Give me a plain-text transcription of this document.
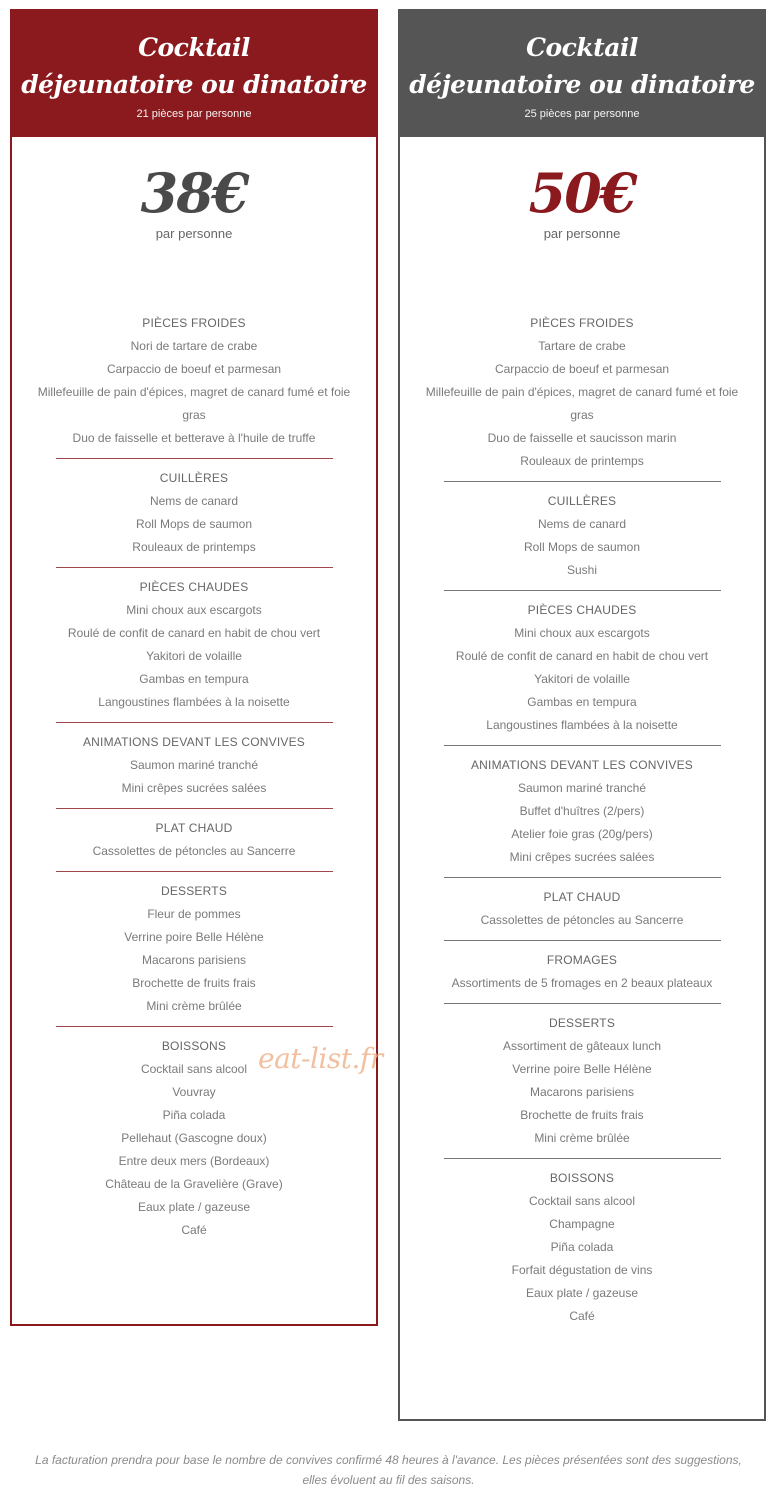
Cocktail
déjeunatoire ou dinatoire
21 pièces par personne
38€
par personne
PIÈCES FROIDES
Nori de tartare de crabe
Carpaccio de boeuf et parmesan
Millefeuille de pain d'épices, magret de canard fumé et foie gras
Duo de faisselle et betterave à l'huile de truffe
CUILLÈRES
Nems de canard
Roll Mops de saumon
Rouleaux de printemps
PIÈCES CHAUDES
Mini choux aux escargots
Roulé de confit de canard en habit de chou vert
Yakitori de volaille
Gambas en tempura
Langoustines flambées à la noisette
ANIMATIONS DEVANT LES CONVIVES
Saumon mariné tranché
Mini crêpes sucrées salées
PLAT CHAUD
Cassolettes de pétoncles au Sancerre
DESSERTS
Fleur de pommes
Verrine poire Belle Hélène
Macarons parisiens
Brochette de fruits frais
Mini crème brûlée
BOISSONS
Cocktail sans alcool
Vouvray
Piña colada
Pellehaut (Gascogne doux)
Entre deux mers (Bordeaux)
Château de la Gravelière (Grave)
Eaux plate / gazeuse
Café
Cocktail
déjeunatoire ou dinatoire
25 pièces par personne
50€
par personne
PIÈCES FROIDES
Tartare de crabe
Carpaccio de boeuf et parmesan
Millefeuille de pain d'épices, magret de canard fumé et foie gras
Duo de faisselle et saucisson marin
Rouleaux de printemps
CUILLÈRES
Nems de canard
Roll Mops de saumon
Sushi
PIÈCES CHAUDES
Mini choux aux escargots
Roulé de confit de canard en habit de chou vert
Yakitori de volaille
Gambas en tempura
Langoustines flambées à la noisette
ANIMATIONS DEVANT LES CONVIVES
Saumon mariné tranché
Buffet d'huîtres (2/pers)
Atelier foie gras (20g/pers)
Mini crêpes sucrées salées
PLAT CHAUD
Cassolettes de pétoncles au Sancerre
FROMAGES
Assortiments de 5 fromages en 2 beaux plateaux
DESSERTS
Assortiment de gâteaux lunch
Verrine poire Belle Hélène
Macarons parisiens
Brochette de fruits frais
Mini crème brûlée
BOISSONS
Cocktail sans alcool
Champagne
Piña colada
Forfait dégustation de vins
Eaux plate / gazeuse
Café
eat-list.fr
La facturation prendra pour base le nombre de convives confirmé 48 heures à l'avance. Les pièces présentées sont des suggestions, elles évoluent au fil des saisons.
